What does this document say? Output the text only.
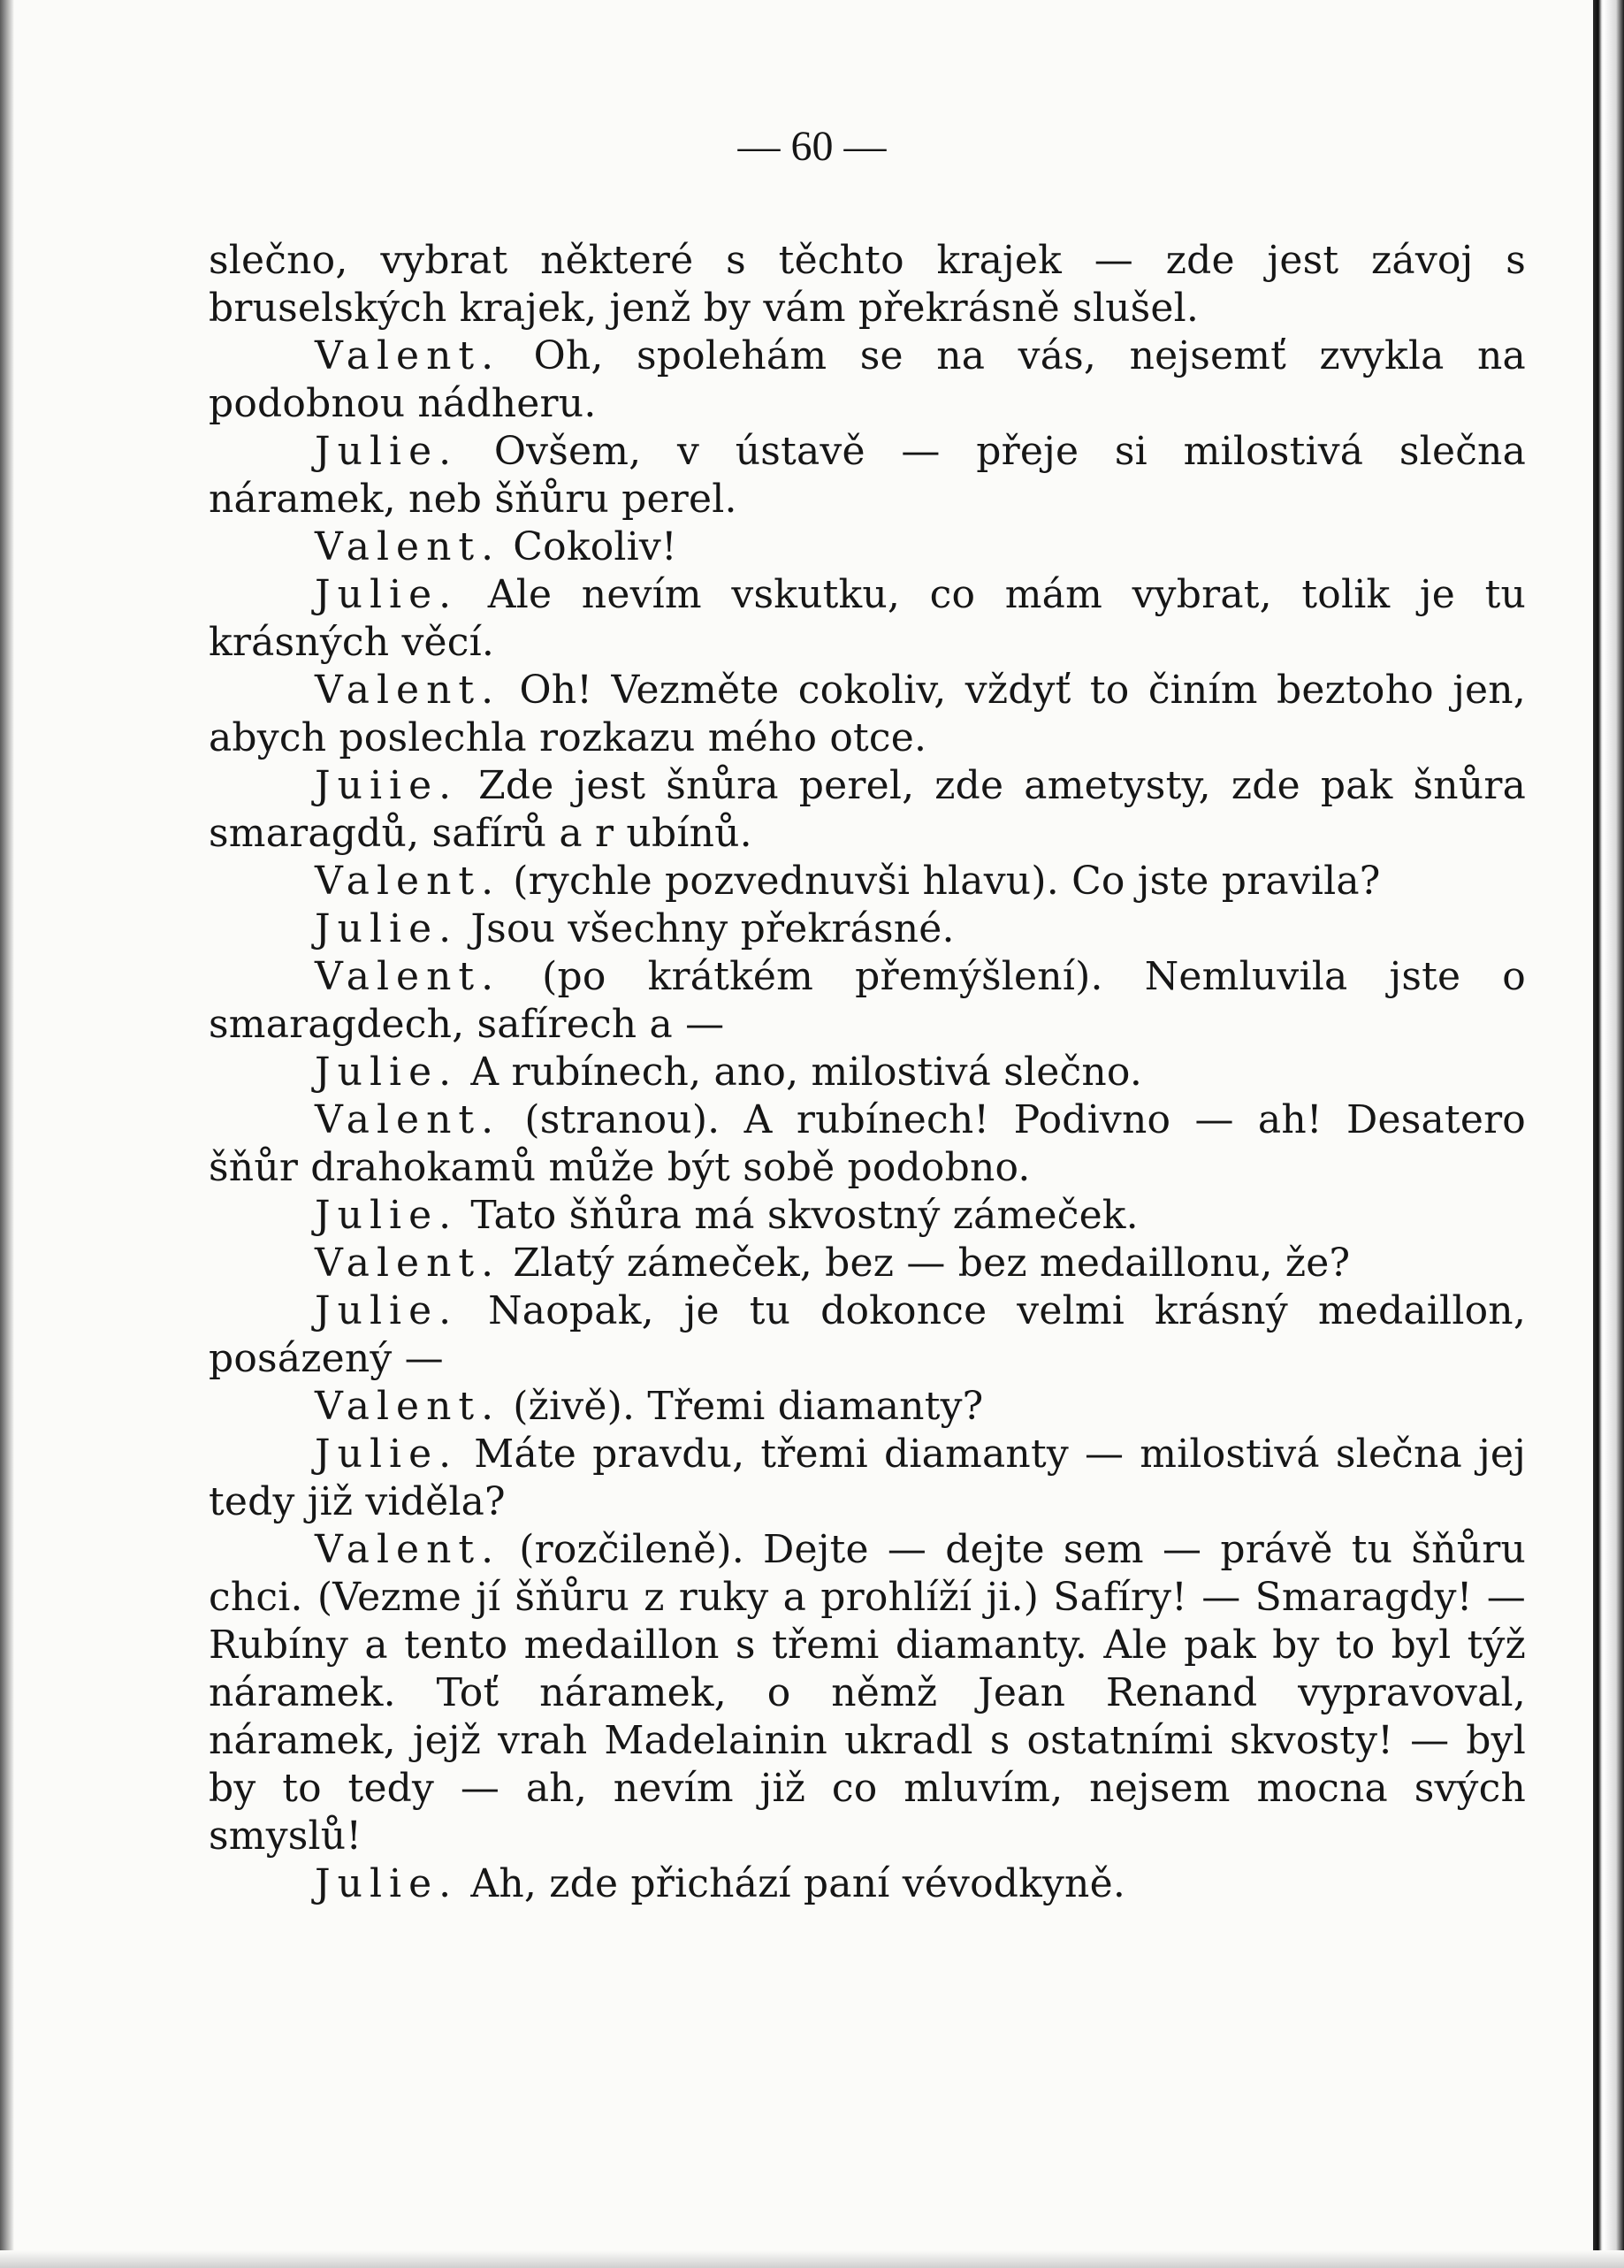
— 60 —

slečno, vybrat některé s těchto krajek — zde jest závoj s bruselských krajek, jenž by vám překrásně slušel.

Valent. Oh, spolehám se na vás, nejsemť zvykla na podobnou nádheru.

Julie. Ovšem, v ústavě — přeje si milostivá slečna náramek, neb šňůru perel.

Valent. Cokoliv!

Julie. Ale nevím vskutku, co mám vybrat, tolik je tu krásných věcí.

Valent. Oh! Vezměte cokoliv, vždyť to činím beztoho jen, abych poslechla rozkazu mého otce.

Juiie. Zde jest šnůra perel, zde ametysty, zde pak šnůra smaragdů, safírů a r ubínů.

Valent. (rychle pozvednuvši hlavu). Co jste pravila?

Julie. Jsou všechny překrásné.

Valent. (po krátkém přemýšlení). Nemluvila jste o smaragdech, safírech a —

Julie. A rubínech, ano, milostivá slečno.

Valent. (stranou). A rubínech! Podivno — ah! Desatero šňůr drahokamů může být sobě podobno.

Julie. Tato šňůra má skvostný zámeček.

Valent. Zlatý zámeček, bez — bez medaillonu, že?

Julie. Naopak, je tu dokonce velmi krásný medaillon, posázený —

Valent. (živě). Třemi diamanty?

Julie. Máte pravdu, třemi diamanty — milostivá slečna jej tedy již viděla?

Valent. (rozčileně). Dejte — dejte sem — právě tu šňůru chci. (Vezme jí šňůru z ruky a prohlíží ji.) Safíry! — Smaragdy! — Rubíny a tento medaillon s třemi diamanty. Ale pak by to byl týž náramek. Toť náramek, o němž Jean Renand vypravoval, náramek, jejž vrah Madelainin ukradl s ostatními skvosty! — byl by to tedy — ah, nevím již co mluvím, nejsem mocna svých smyslů!

Julie. Ah, zde přichází paní vévodkyně.
